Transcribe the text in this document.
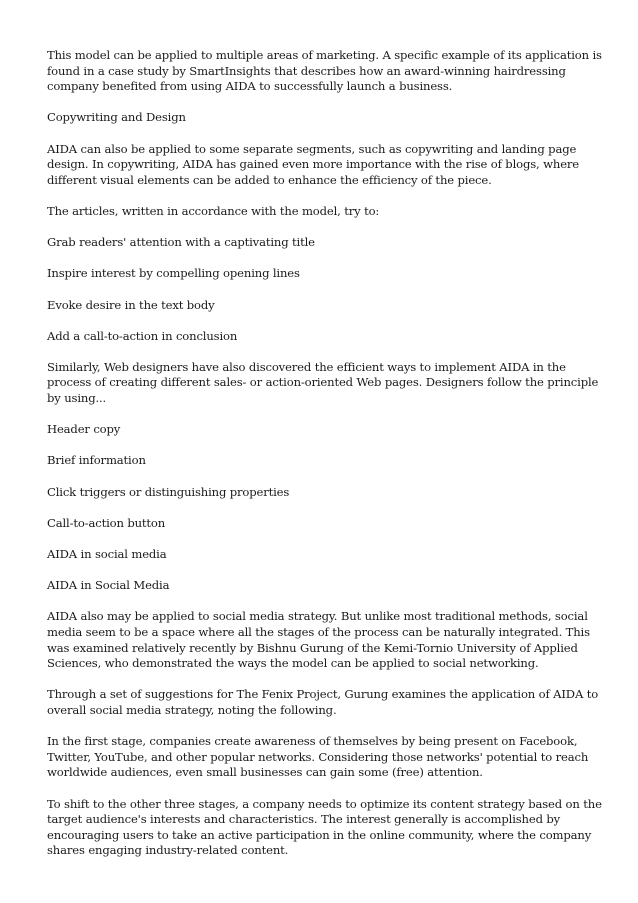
This model can be applied to multiple areas of marketing. A specific example of its application is found in a case study by SmartInsights that describes how an award-winning hairdressing company benefited from using AIDA to successfully launch a business.

Copywriting and Design

AIDA can also be applied to some separate segments, such as copywriting and landing page design. In copywriting, AIDA has gained even more importance with the rise of blogs, where different visual elements can be added to enhance the efficiency of the piece.

The articles, written in accordance with the model, try to:

Grab readers' attention with a captivating title

Inspire interest by compelling opening lines

Evoke desire in the text body

Add a call-to-action in conclusion

Similarly, Web designers have also discovered the efficient ways to implement AIDA in the process of creating different sales- or action-oriented Web pages. Designers follow the principle by using...

Header copy

Brief information

Click triggers or distinguishing properties

Call-to-action button

AIDA in social media

AIDA in Social Media

AIDA also may be applied to social media strategy. But unlike most traditional methods, social media seem to be a space where all the stages of the process can be naturally integrated. This was examined relatively recently by Bishnu Gurung of the Kemi-Tornio University of Applied Sciences, who demonstrated the ways the model can be applied to social networking.

Through a set of suggestions for The Fenix Project, Gurung examines the application of AIDA to overall social media strategy, noting the following.

In the first stage, companies create awareness of themselves by being present on Facebook, Twitter, YouTube, and other popular networks. Considering those networks' potential to reach worldwide audiences, even small businesses can gain some (free) attention.

To shift to the other three stages, a company needs to optimize its content strategy based on the target audience's interests and characteristics. The interest generally is accomplished by encouraging users to take an active participation in the online community, where the company shares engaging industry-related content.
